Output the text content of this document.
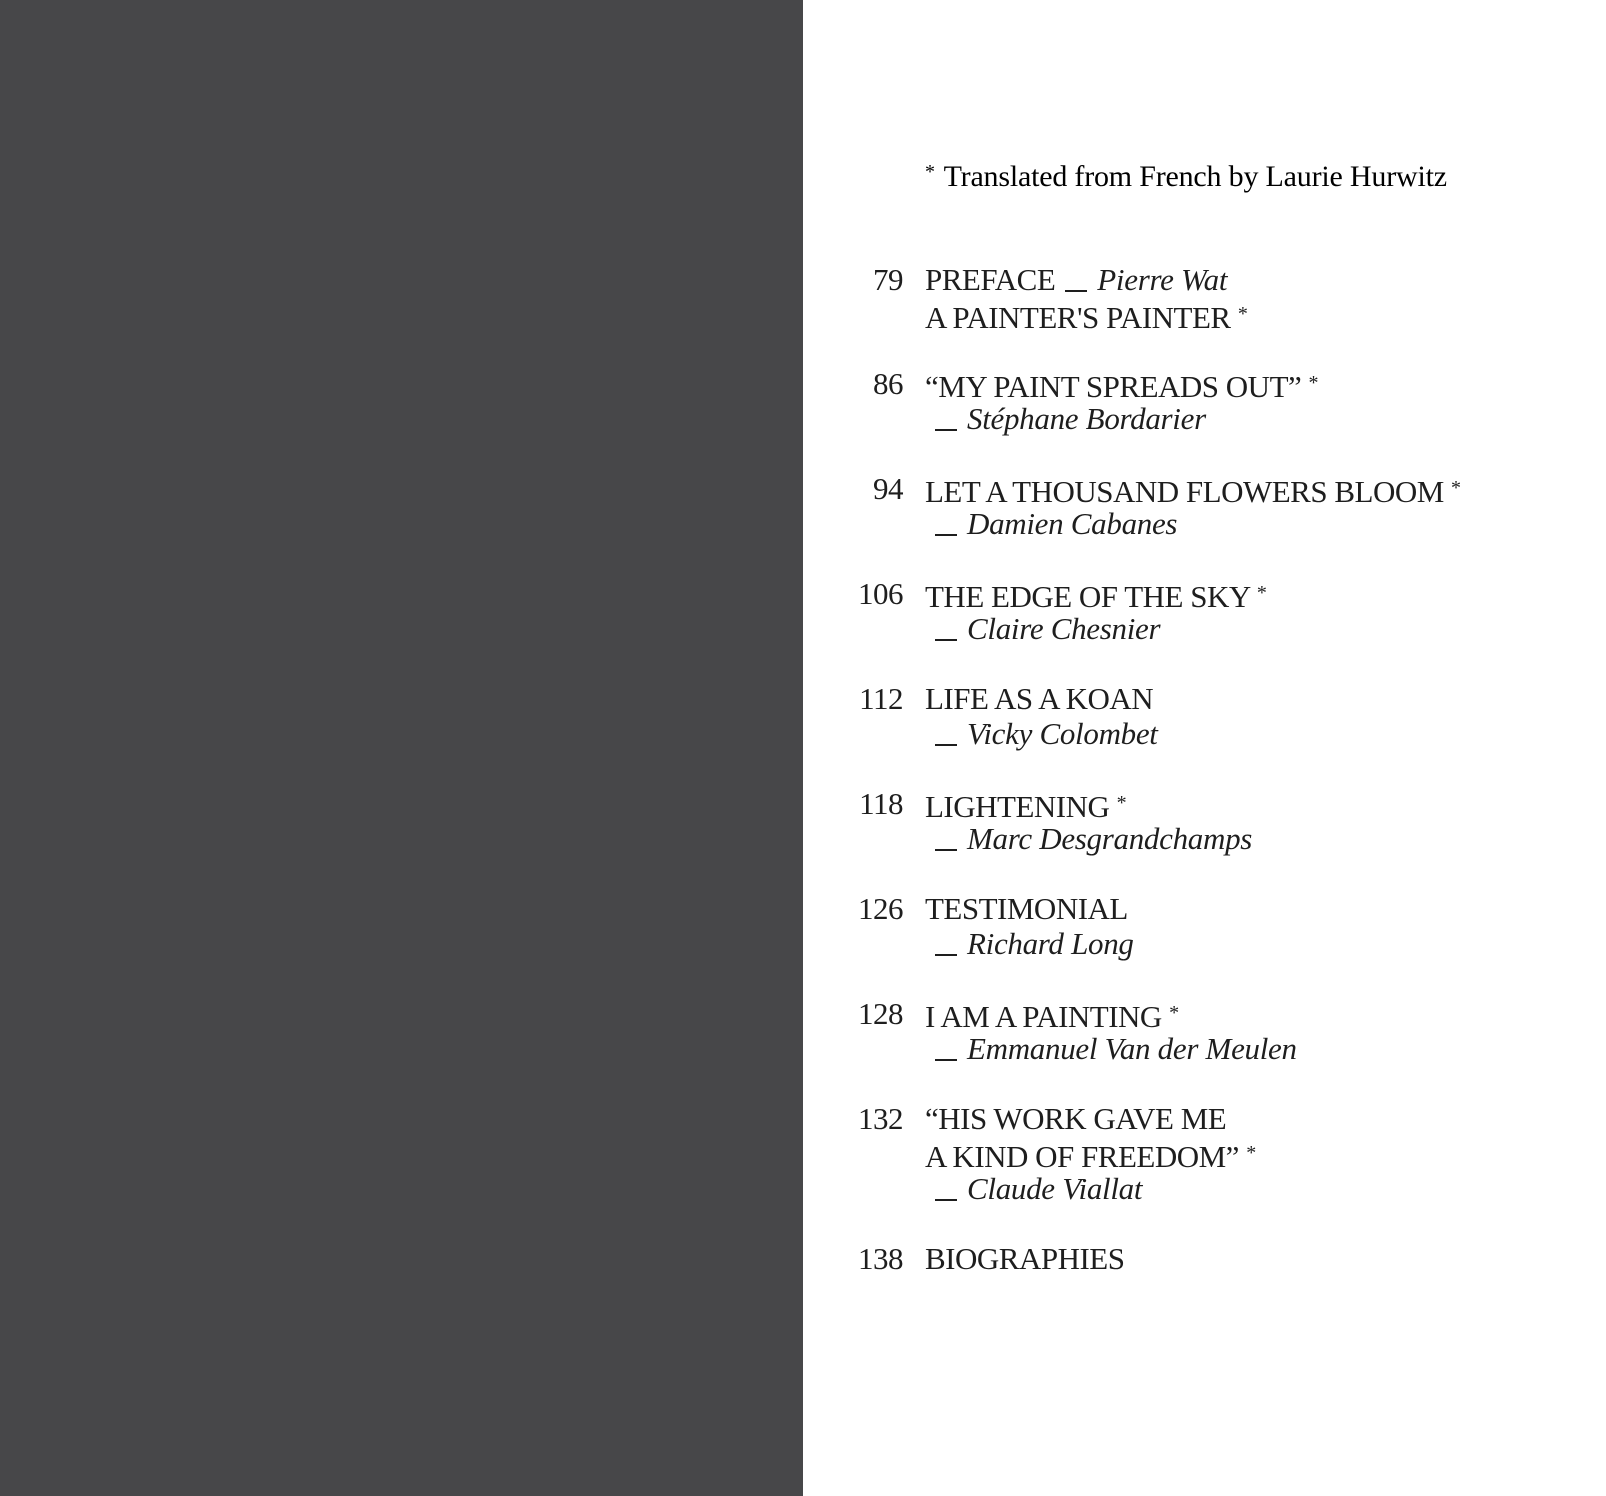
* Translated from French by Laurie Hurwitz
79 PREFACE Pierre Wat
A PAINTER'S PAINTER *
86 “MY PAINT SPREADS OUT” *
Stéphane Bordarier
94 LET A THOUSAND FLOWERS BLOOM *
Damien Cabanes
106 THE EDGE OF THE SKY *
Claire Chesnier
112 LIFE AS A KOAN
Vicky Colombet
118 LIGHTENING *
Marc Desgrandchamps
126 TESTIMONIAL
Richard Long
128 I AM A PAINTING *
Emmanuel Van der Meulen
132 “HIS WORK GAVE ME
A KIND OF FREEDOM” *
Claude Viallat
138 BIOGRAPHIES
